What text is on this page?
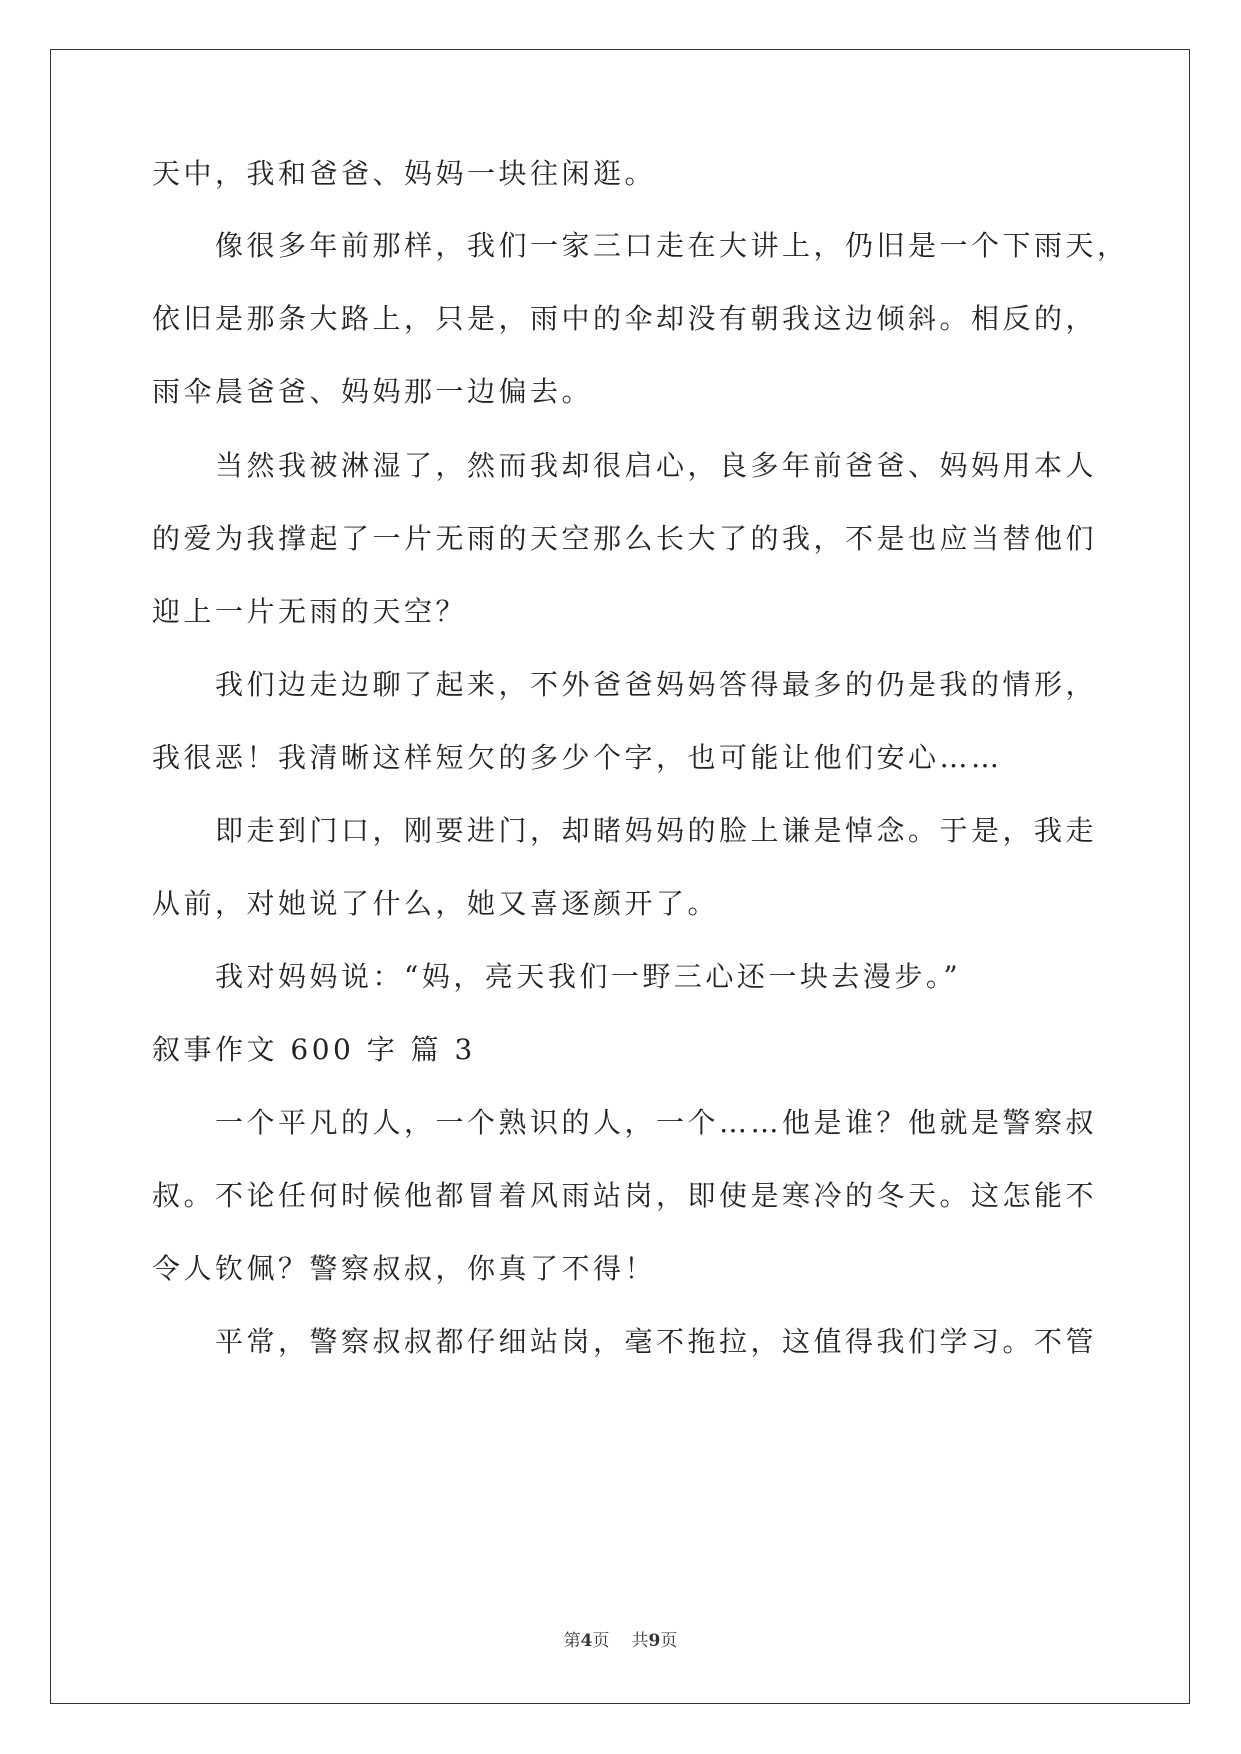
天中，我和爸爸、妈妈一块往闲逛。
像很多年前那样，我们一家三口走在大讲上，仍旧是一个下雨天，
依旧是那条大路上，只是，雨中的伞却没有朝我这边倾斜。相反的，
雨伞晨爸爸、妈妈那一边偏去。
当然我被淋湿了，然而我却很启心，良多年前爸爸、妈妈用本人
的爱为我撑起了一片无雨的天空那么长大了的我，不是也应当替他们
迎上一片无雨的天空？
我们边走边聊了起来，不外爸爸妈妈答得最多的仍是我的情形，
我很恶！我清晰这样短欠的多少个字，也可能让他们安心……
即走到门口，刚要进门，却睹妈妈的脸上谦是悼念。于是，我走
从前，对她说了什么，她又喜逐颜开了。
我对妈妈说：“妈，亮天我们一野三心还一块去漫步。”
叙事作文 600 字 篇 3
一个平凡的人，一个熟识的人，一个……他是谁？他就是警察叔
叔。不论任何时候他都冒着风雨站岗，即使是寒冷的冬天。这怎能不
令人钦佩？警察叔叔，你真了不得！
平常，警察叔叔都仔细站岗，毫不拖拉，这值得我们学习。不管
第4页 共9页
